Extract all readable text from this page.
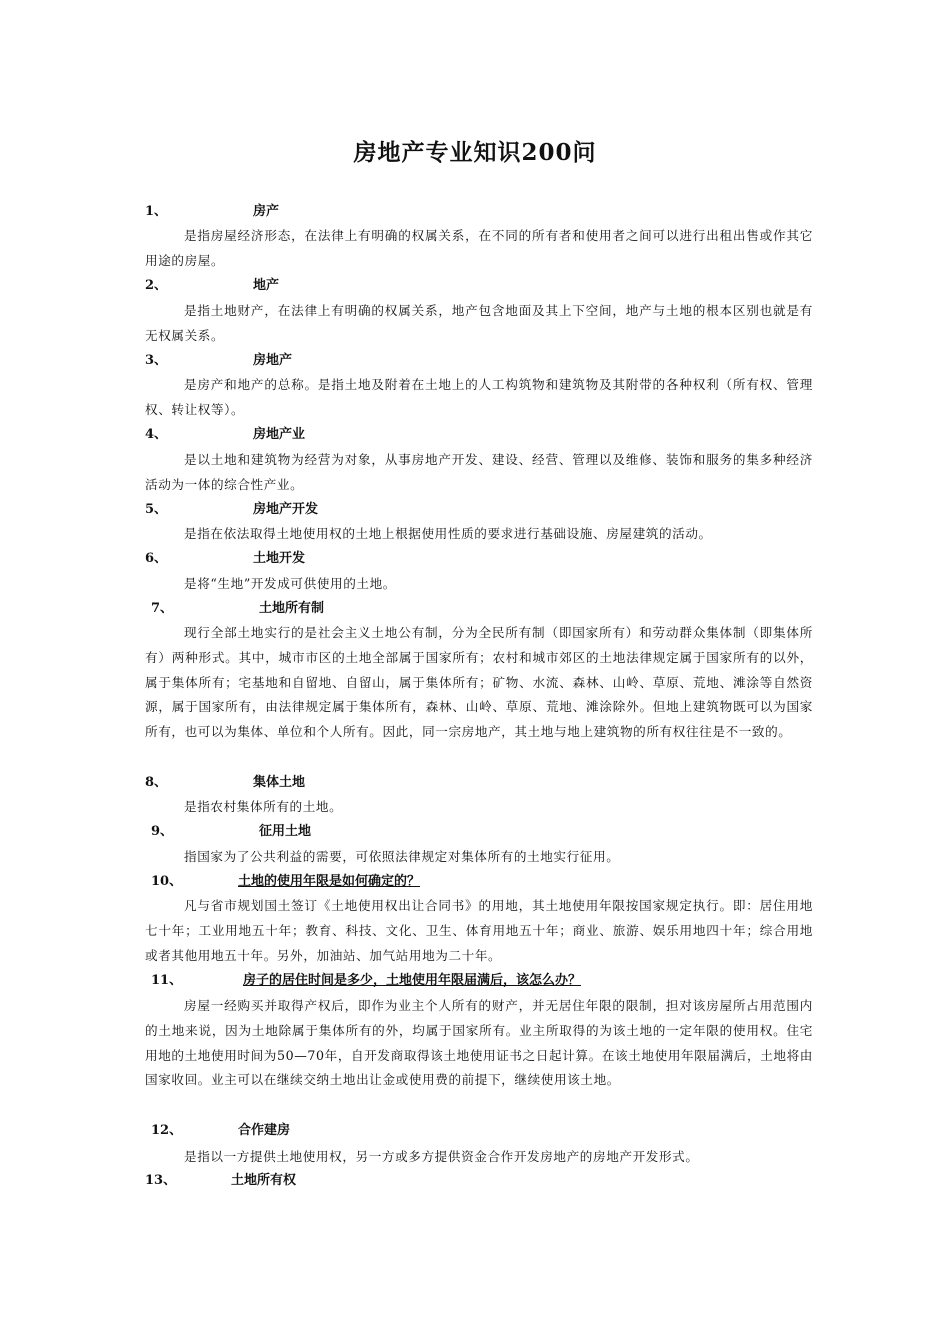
房地产专业知识200问
1、	房产
是指房屋经济形态，在法律上有明确的权属关系，在不同的所有者和使用者之间可以进行出租出售或作其它用途的房屋。
2、	地产
是指土地财产，在法律上有明确的权属关系，地产包含地面及其上下空间，地产与土地的根本区别也就是有无权属关系。
3、	房地产
是房产和地产的总称。是指土地及附着在土地上的人工构筑物和建筑物及其附带的各种权利（所有权、管理权、转让权等）。
4、	房地产业
是以土地和建筑物为经营为对象，从事房地产开发、建设、经营、管理以及维修、装饰和服务的集多种经济活动为一体的综合性产业。
5、	房地产开发
是指在依法取得土地使用权的土地上根据使用性质的要求进行基础设施、房屋建筑的活动。
6、	土地开发
是将“生地”开发成可供使用的土地。
7、	土地所有制
现行全部土地实行的是社会主义土地公有制，分为全民所有制（即国家所有）和劳动群众集体制（即集体所有）两种形式。其中，城市市区的土地全部属于国家所有；农村和城市郊区的土地法律规定属于国家所有的以外，属于集体所有；宅基地和自留地、自留山，属于集体所有；矿物、水流、森林、山岭、草原、荒地、滩涂等自然资源，属于国家所有，由法律规定属于集体所有，森林、山岭、草原、荒地、滩涂除外。但地上建筑物既可以为国家所有，也可以为集体、单位和个人所有。因此，同一宗房地产，其土地与地上建筑物的所有权往往是不一致的。
8、	集体土地
是指农村集体所有的土地。
9、	征用土地
指国家为了公共利益的需要，可依照法律规定对集体所有的土地实行征用。
10、	土地的使用年限是如何确定的？
凡与省市规划国土签订《土地使用权出让合同书》的用地，其土地使用年限按国家规定执行。即：居住用地七十年；工业用地五十年；教育、科技、文化、卫生、体育用地五十年；商业、旅游、娱乐用地四十年；综合用地或者其他用地五十年。另外，加油站、加气站用地为二十年。
11、	房子的居住时间是多少，土地使用年限届满后，该怎么办？
房屋一经购买并取得产权后，即作为业主个人所有的财产，并无居住年限的限制，担对该房屋所占用范围内的土地来说，因为土地除属于集体所有的外，均属于国家所有。业主所取得的为该土地的一定年限的使用权。住宅用地的土地使用时间为50—70年，自开发商取得该土地使用证书之日起计算。在该土地使用年限届满后，土地将由国家收回。业主可以在继续交纳土地出让金或使用费的前提下，继续使用该土地。
12、	合作建房
是指以一方提供土地使用权，另一方或多方提供资金合作开发房地产的房地产开发形式。
13、	土地所有权
